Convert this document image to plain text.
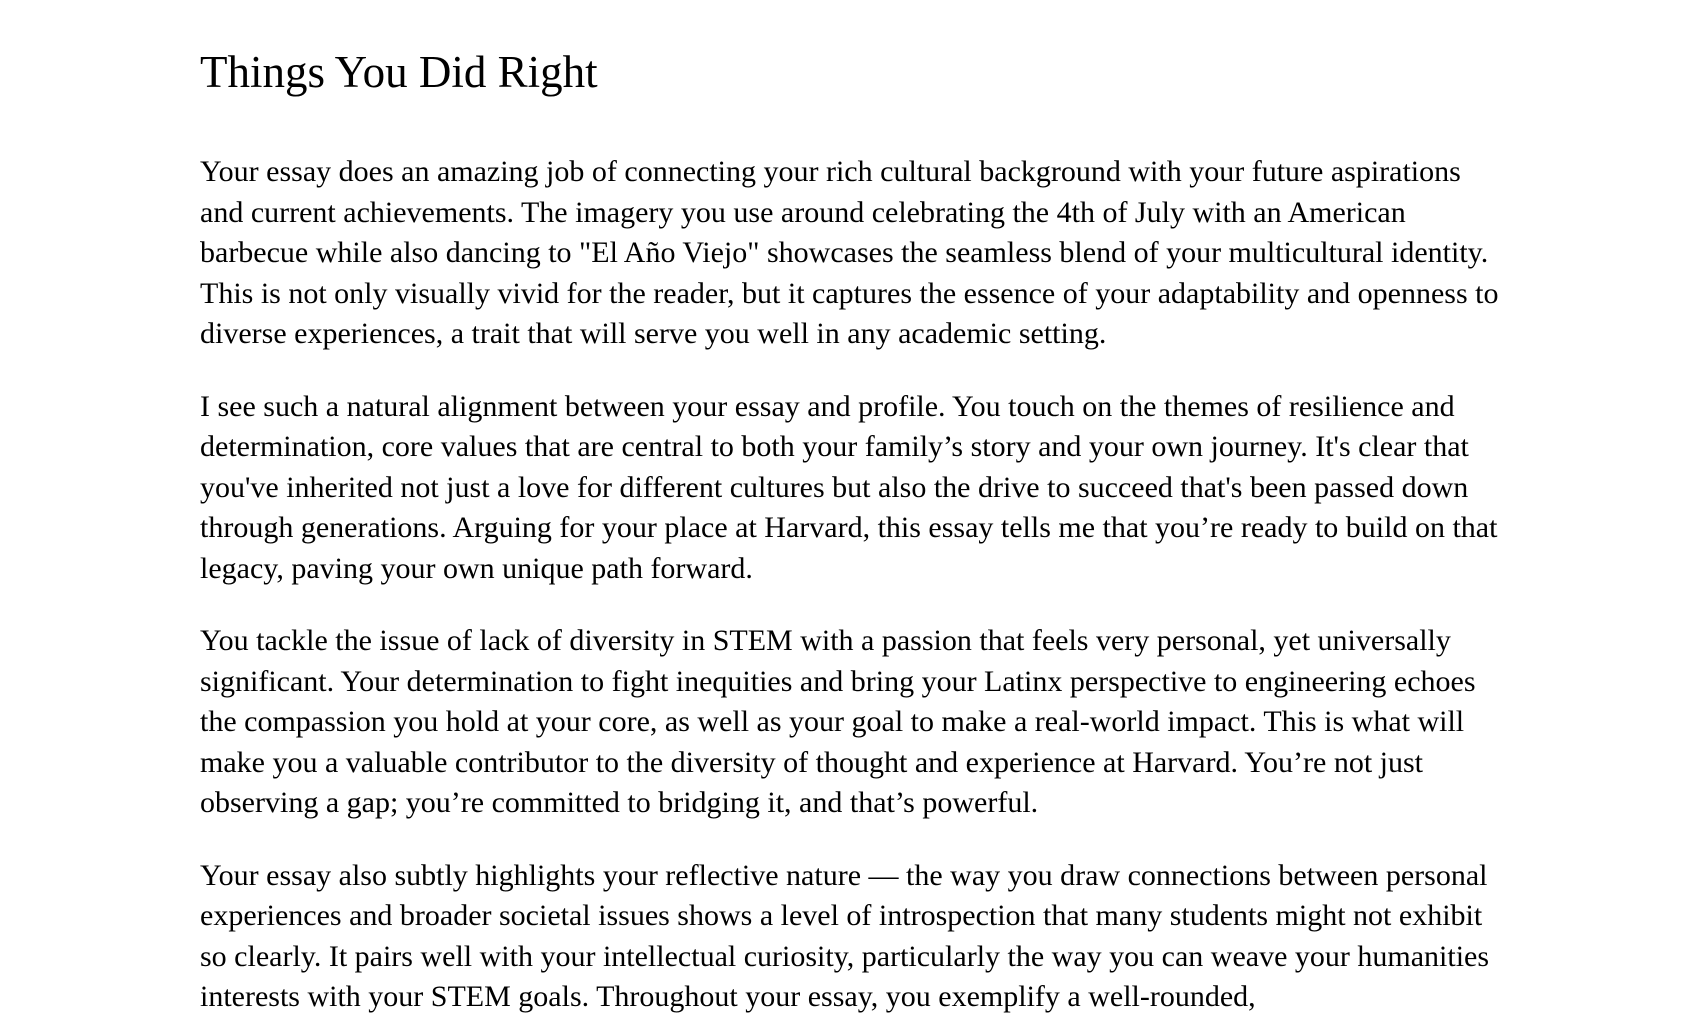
Things You Did Right

Your essay does an amazing job of connecting your rich cultural background with your future aspirations and current achievements. The imagery you use around celebrating the 4th of July with an American barbecue while also dancing to "El Año Viejo" showcases the seamless blend of your multicultural identity. This is not only visually vivid for the reader, but it captures the essence of your adaptability and openness to diverse experiences, a trait that will serve you well in any academic setting.

I see such a natural alignment between your essay and profile. You touch on the themes of resilience and determination, core values that are central to both your family’s story and your own journey. It's clear that you've inherited not just a love for different cultures but also the drive to succeed that's been passed down through generations. Arguing for your place at Harvard, this essay tells me that you’re ready to build on that legacy, paving your own unique path forward.

You tackle the issue of lack of diversity in STEM with a passion that feels very personal, yet universally significant. Your determination to fight inequities and bring your Latinx perspective to engineering echoes the compassion you hold at your core, as well as your goal to make a real-world impact. This is what will make you a valuable contributor to the diversity of thought and experience at Harvard. You’re not just observing a gap; you’re committed to bridging it, and that’s powerful.

Your essay also subtly highlights your reflective nature — the way you draw connections between personal experiences and broader societal issues shows a level of introspection that many students might not exhibit so clearly. It pairs well with your intellectual curiosity, particularly the way you can weave your humanities interests with your STEM goals. Throughout your essay, you exemplify a well-rounded,
